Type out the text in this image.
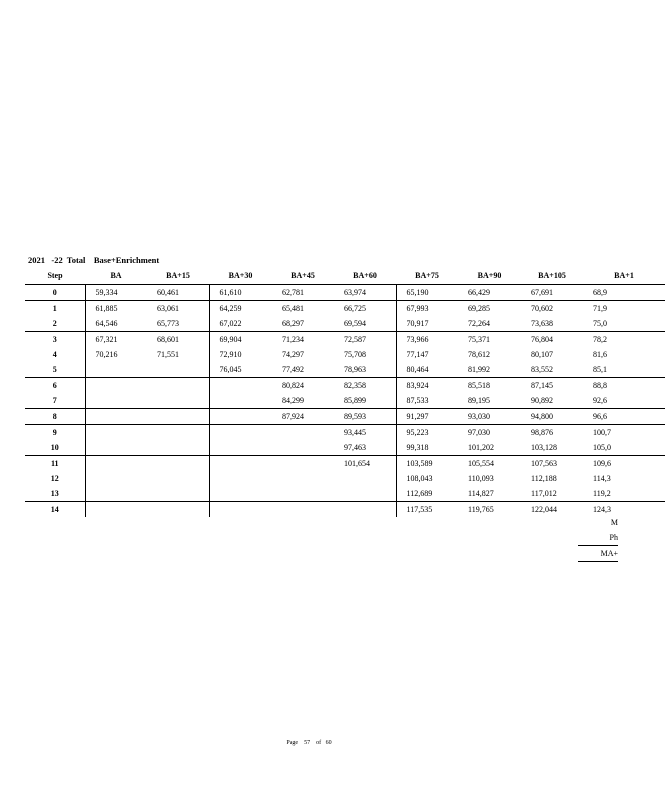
2021   -22  Total    Base+Enrichment
Step	BA	BA+15	BA+30	BA+45	BA+60	BA+75	BA+90	BA+105	BA+1
0	59,334	60,461	61,610	62,781	63,974	65,190	66,429	67,691	68,9
1	61,885	63,061	64,259	65,481	66,725	67,993	69,285	70,602	71,9
2	64,546	65,773	67,022	68,297	69,594	70,917	72,264	73,638	75,0
3	67,321	68,601	69,904	71,234	72,587	73,966	75,371	76,804	78,2
4	70,216	71,551	72,910	74,297	75,708	77,147	78,612	80,107	81,6
5			76,045	77,492	78,963	80,464	81,992	83,552	85,1
6				80,824	82,358	83,924	85,518	87,145	88,8
7				84,299	85,899	87,533	89,195	90,892	92,6
8				87,924	89,593	91,297	93,030	94,800	96,6
9					93,445	95,223	97,030	98,876	100,7
10					97,463	99,318	101,202	103,128	105,0
11					101,654	103,589	105,554	107,563	109,6
12						108,043	110,093	112,188	114,3
13						112,689	114,827	117,012	119,2
14						117,535	119,765	122,044	124,3
M
Ph
MA+
Page    57    of   60
